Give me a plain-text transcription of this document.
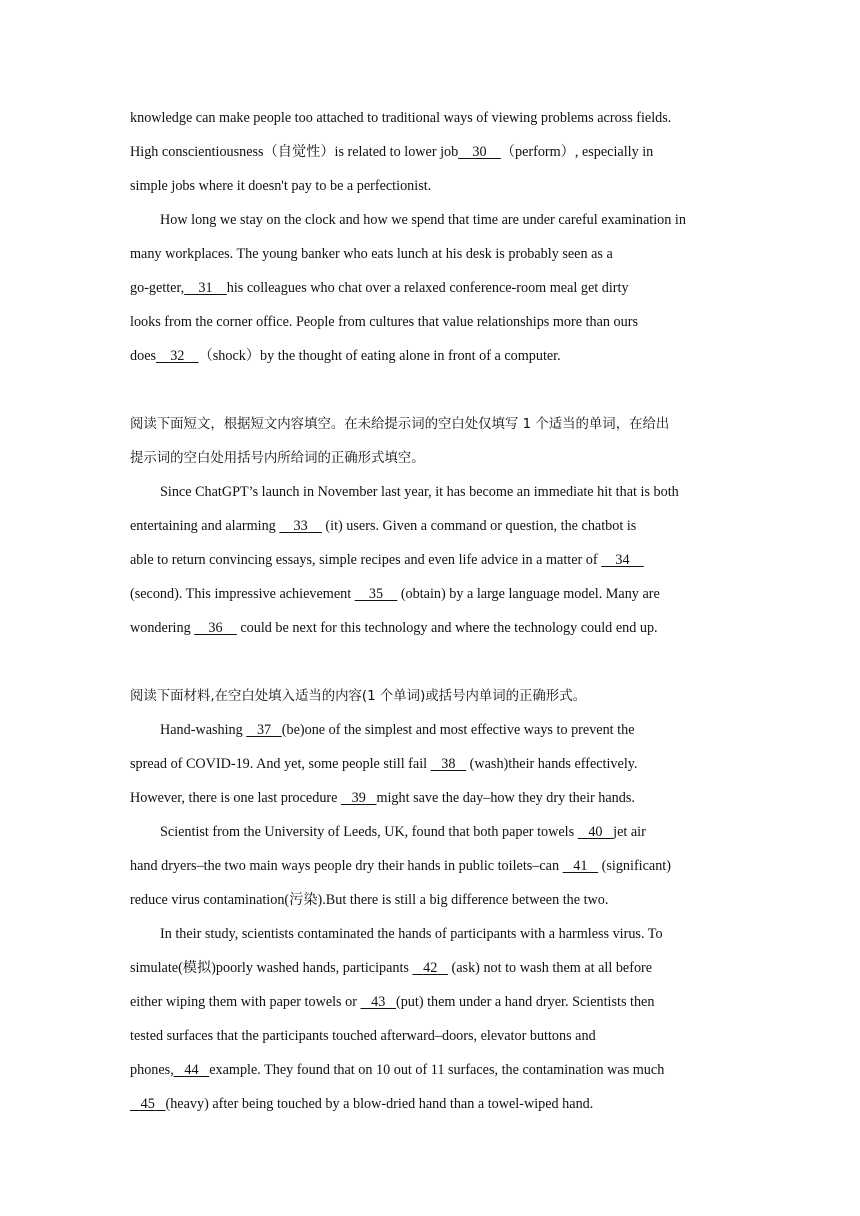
knowledge can make people too attached to traditional ways of viewing problems across fields.
High conscientiousness（自觉性）is related to lower job 30 （perform）, especially in
simple jobs where it doesn't pay to be a perfectionist.
How long we stay on the clock and how we spend that time are under careful examination in
many workplaces. The young banker who eats lunch at his desk is probably seen as a
go-getter, 31 his colleagues who chat over a relaxed conference-room meal get dirty
looks from the corner office. People from cultures that value relationships more than ours
does 32 （shock）by the thought of eating alone in front of a computer.
阅读下面短文，根据短文内容填空。在未给提示词的空白处仅填写 1 个适当的单词，在给出
提示词的空白处用括号内所给词的正确形式填空。
Since ChatGPT’s launch in November last year, it has become an immediate hit that is both
entertaining and alarming     33     (it) users. Given a command or question, the chatbot is
able to return convincing essays, simple recipes and even life advice in a matter of     34
(second). This impressive achievement     35     (obtain) by a large language model. Many are
wondering     36     could be next for this technology and where the technology could end up.
阅读下面材料,在空白处填入适当的内容(1 个单词)或括号内单词的正确形式。
Hand-washing    37 (be)one of the simplest and most effective ways to prevent the
spread of COVID-19. And yet, some people still fail    38    (wash)their hands effectively.
However, there is one last procedure    39 might save the day–how they dry their hands.
Scientist from the University of Leeds, UK, found that both paper towels    40 jet air
hand dryers–the two main ways people dry their hands in public toilets–can    41    (significant)
reduce virus contamination(污染).But there is still a big difference between the two.
In their study, scientists contaminated the hands of participants with a harmless virus. To
simulate(模拟)poorly washed hands, participants    42    (ask) not to wash them at all before
either wiping them with paper towels or    43 (put) them under a hand dryer. Scientists then
tested surfaces that the participants touched afterward–doors, elevator buttons and
phones, 44 example. They found that on 10 out of 11 surfaces, the contamination was much
45 (heavy) after being touched by a blow-dried hand than a towel-wiped hand.
